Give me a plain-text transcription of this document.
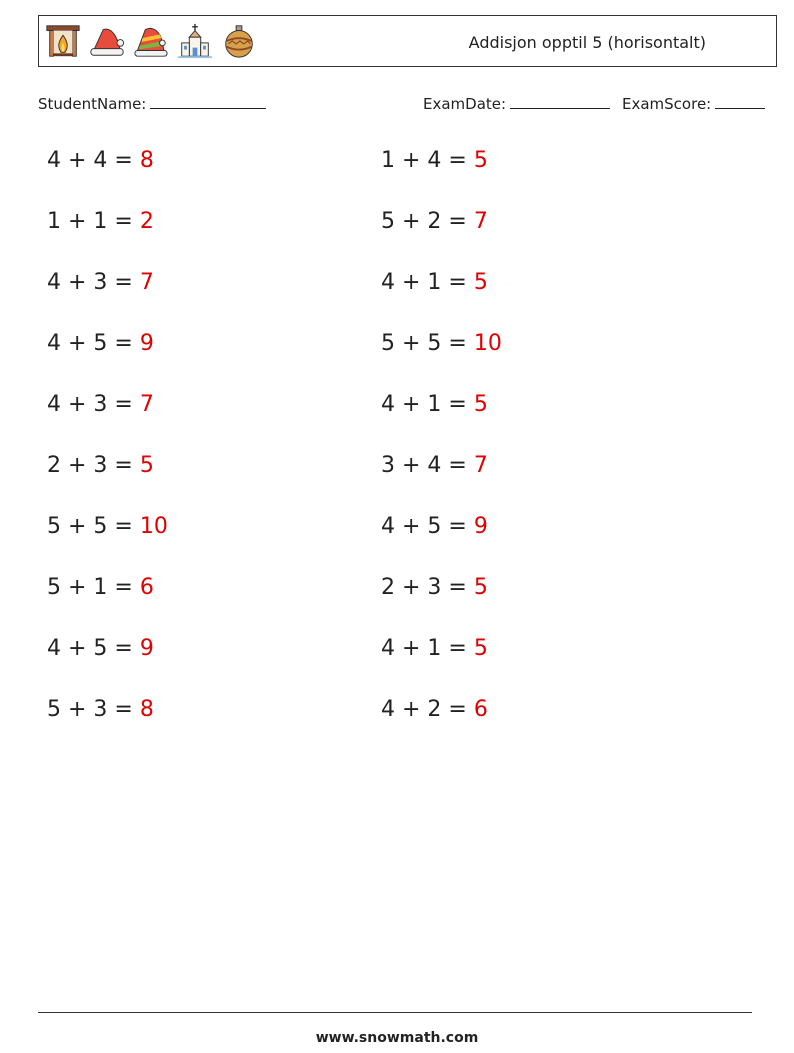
Addisjon opptil 5 (horisontalt)
StudentName:	ExamDate:	ExamScore:
4 + 4 = 8
1 + 1 = 2
4 + 3 = 7
4 + 5 = 9
4 + 3 = 7
2 + 3 = 5
5 + 5 = 10
5 + 1 = 6
4 + 5 = 9
5 + 3 = 8
1 + 4 = 5
5 + 2 = 7
4 + 1 = 5
5 + 5 = 10
4 + 1 = 5
3 + 4 = 7
4 + 5 = 9
2 + 3 = 5
4 + 1 = 5
4 + 2 = 6
www.snowmath.com
